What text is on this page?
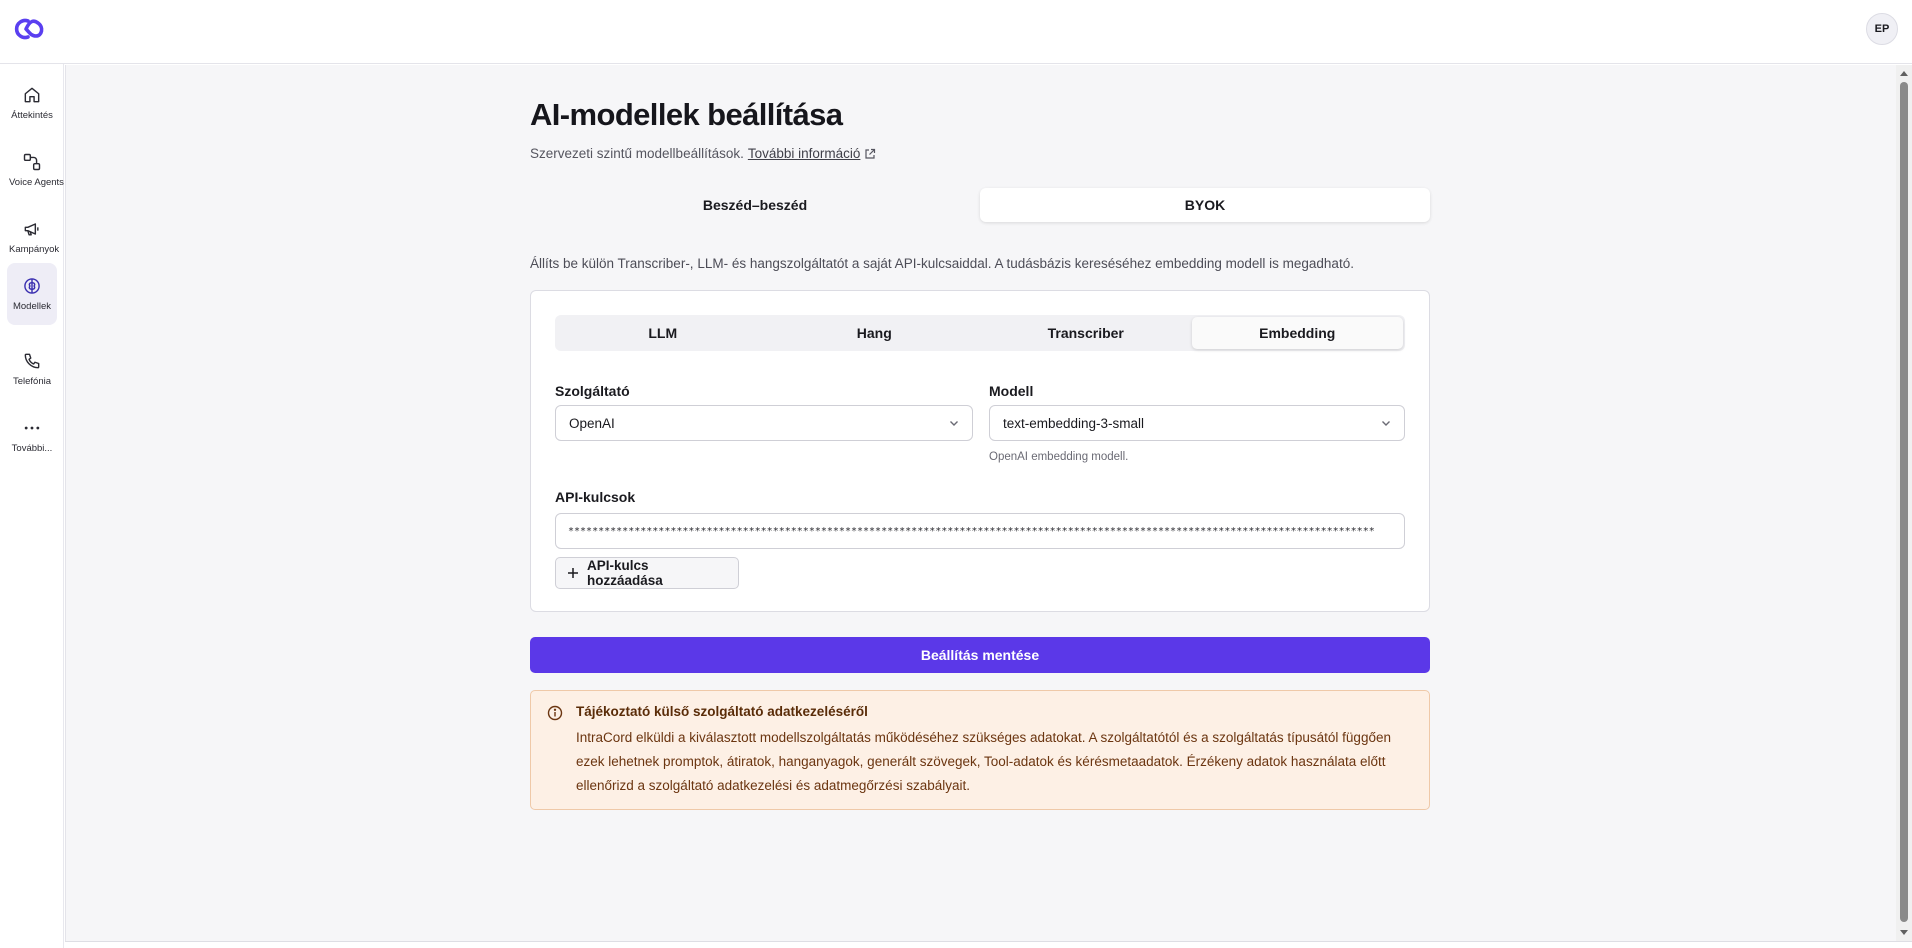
EP
Áttekintés
Voice Agents
Kampányok
Modellek
Telefónia
További...
AI-modellek beállítása
Szervezeti szintű modellbeállítások. További információ
Beszéd–beszéd	BYOK
Állíts be külön Transcriber-, LLM- és hangszolgáltatót a saját API-kulcsaiddal. A tudásbázis kereséséhez embedding modell is megadható.
LLM	Hang	Transcriber	Embedding
Szolgáltató
OpenAI
Modell
text-embedding-3-small
OpenAI embedding modell.
API-kulcsok
**************************************************************************************************************************************
API-kulcs hozzáadása
Beállítás mentése
Tájékoztató külső szolgáltató adatkezeléséről
IntraCord elküldi a kiválasztott modellszolgáltatás működéséhez szükséges adatokat. A szolgáltatótól és a szolgáltatás típusától függően ezek lehetnek promptok, átiratok, hanganyagok, generált szövegek, Tool-adatok és kérésmetaadatok. Érzékeny adatok használata előtt ellenőrizd a szolgáltató adatkezelési és adatmegőrzési szabályait.
